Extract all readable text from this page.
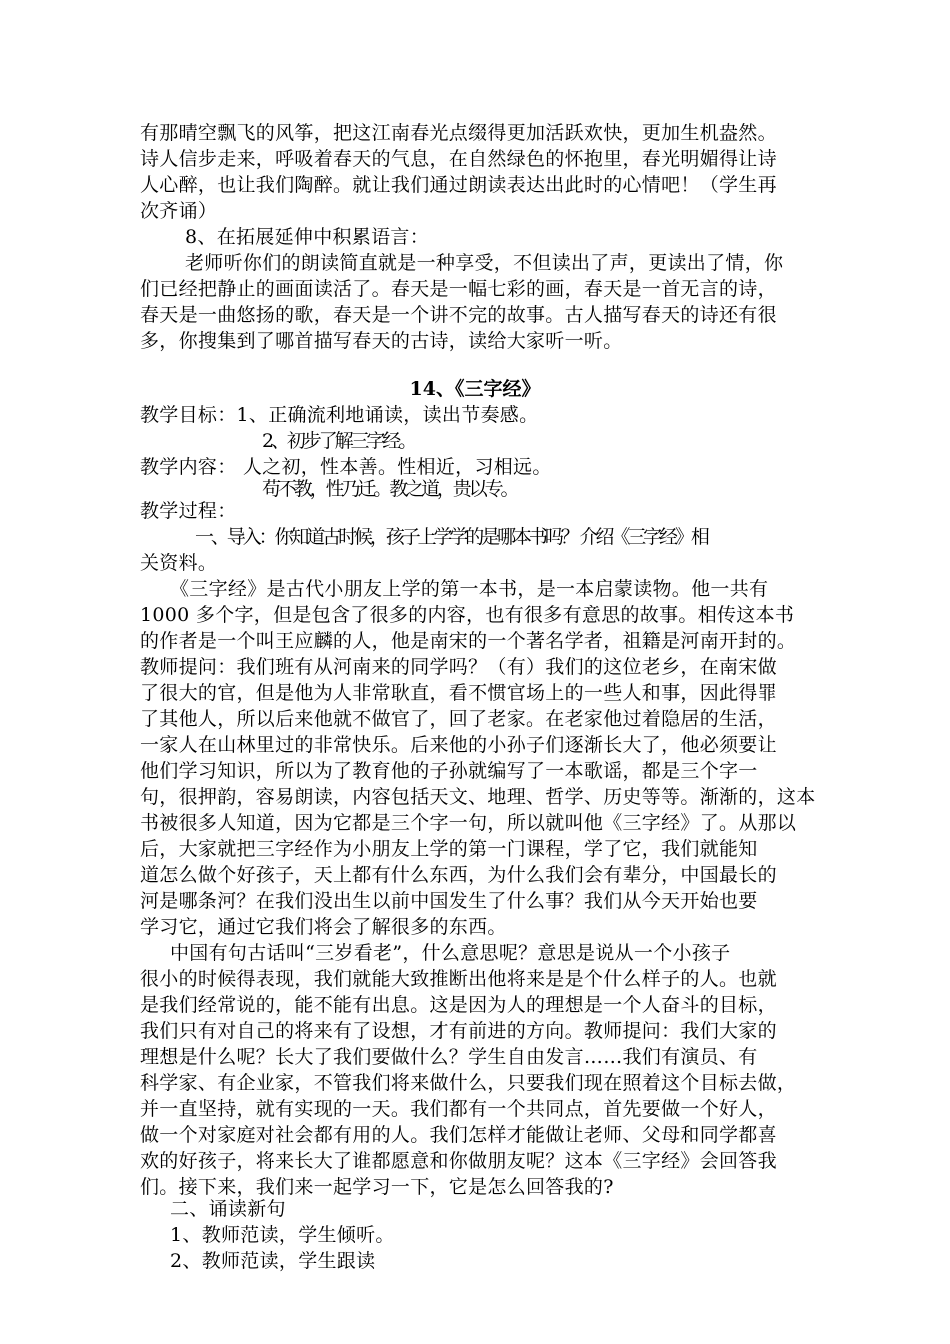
有那晴空飘飞的风筝，把这江南春光点缀得更加活跃欢快，更加生机盎然。
诗人信步走来，呼吸着春天的气息，在自然绿色的怀抱里，春光明媚得让诗
人心醉，也让我们陶醉。就让我们通过朗读表达出此时的心情吧！（学生再
次齐诵）
8、在拓展延伸中积累语言：
老师听你们的朗读简直就是一种享受，不但读出了声，更读出了情，你
们已经把静止的画面读活了。春天是一幅七彩的画，春天是一首无言的诗，
春天是一曲悠扬的歌，春天是一个讲不完的故事。古人描写春天的诗还有很
多，你搜集到了哪首描写春天的古诗，读给大家听一听。
14、《三字经》
教学目标：1、正确流利地诵读，读出节奏感。
2、初步了解三字经。
教学内容： 人之初，性本善。性相近，习相远。
苟不教，性乃迁。教之道，贵以专。
教学过程：
一、导入：你知道古时候，孩子上学学的是哪本书吗？ 介绍《三字经》相
关资料。
《三字经》是古代小朋友上学的第一本书，是一本启蒙读物。他一共有
1000 多个字，但是包含了很多的内容，也有很多有意思的故事。相传这本书
的作者是一个叫王应麟的人，他是南宋的一个著名学者，祖籍是河南开封的。
教师提问：我们班有从河南来的同学吗？（有）我们的这位老乡，在南宋做
了很大的官，但是他为人非常耿直，看不惯官场上的一些人和事，因此得罪
了其他人，所以后来他就不做官了，回了老家。在老家他过着隐居的生活，
一家人在山林里过的非常快乐。后来他的小孙子们逐渐长大了，他必须要让
他们学习知识，所以为了教育他的子孙就编写了一本歌谣，都是三个字一
句，很押韵，容易朗读，内容包括天文、地理、哲学、历史等等。渐渐的，这本
书被很多人知道，因为它都是三个字一句，所以就叫他《三字经》了。从那以
后，大家就把三字经作为小朋友上学的第一门课程，学了它，我们就能知
道怎么做个好孩子，天上都有什么东西，为什么我们会有辈分，中国最长的
河是哪条河？在我们没出生以前中国发生了什么事？我们从今天开始也要
学习它，通过它我们将会了解很多的东西。
中国有句古话叫“三岁看老”，什么意思呢？意思是说从一个小孩子
很小的时候得表现，我们就能大致推断出他将来是是个什么样子的人。也就
是我们经常说的，能不能有出息。这是因为人的理想是一个人奋斗的目标，
我们只有对自己的将来有了设想，才有前进的方向。教师提问：我们大家的
理想是什么呢？长大了我们要做什么？学生自由发言……我们有演员、有
科学家、有企业家，不管我们将来做什么，只要我们现在照着这个目标去做，
并一直坚持，就有实现的一天。我们都有一个共同点，首先要做一个好人，
做一个对家庭对社会都有用的人。我们怎样才能做让老师、父母和同学都喜
欢的好孩子，将来长大了谁都愿意和你做朋友呢？这本《三字经》会回答我
们。接下来，我们来一起学习一下，它是怎么回答我的?
二、诵读新句
1、教师范读，学生倾听。
2、教师范读，学生跟读
